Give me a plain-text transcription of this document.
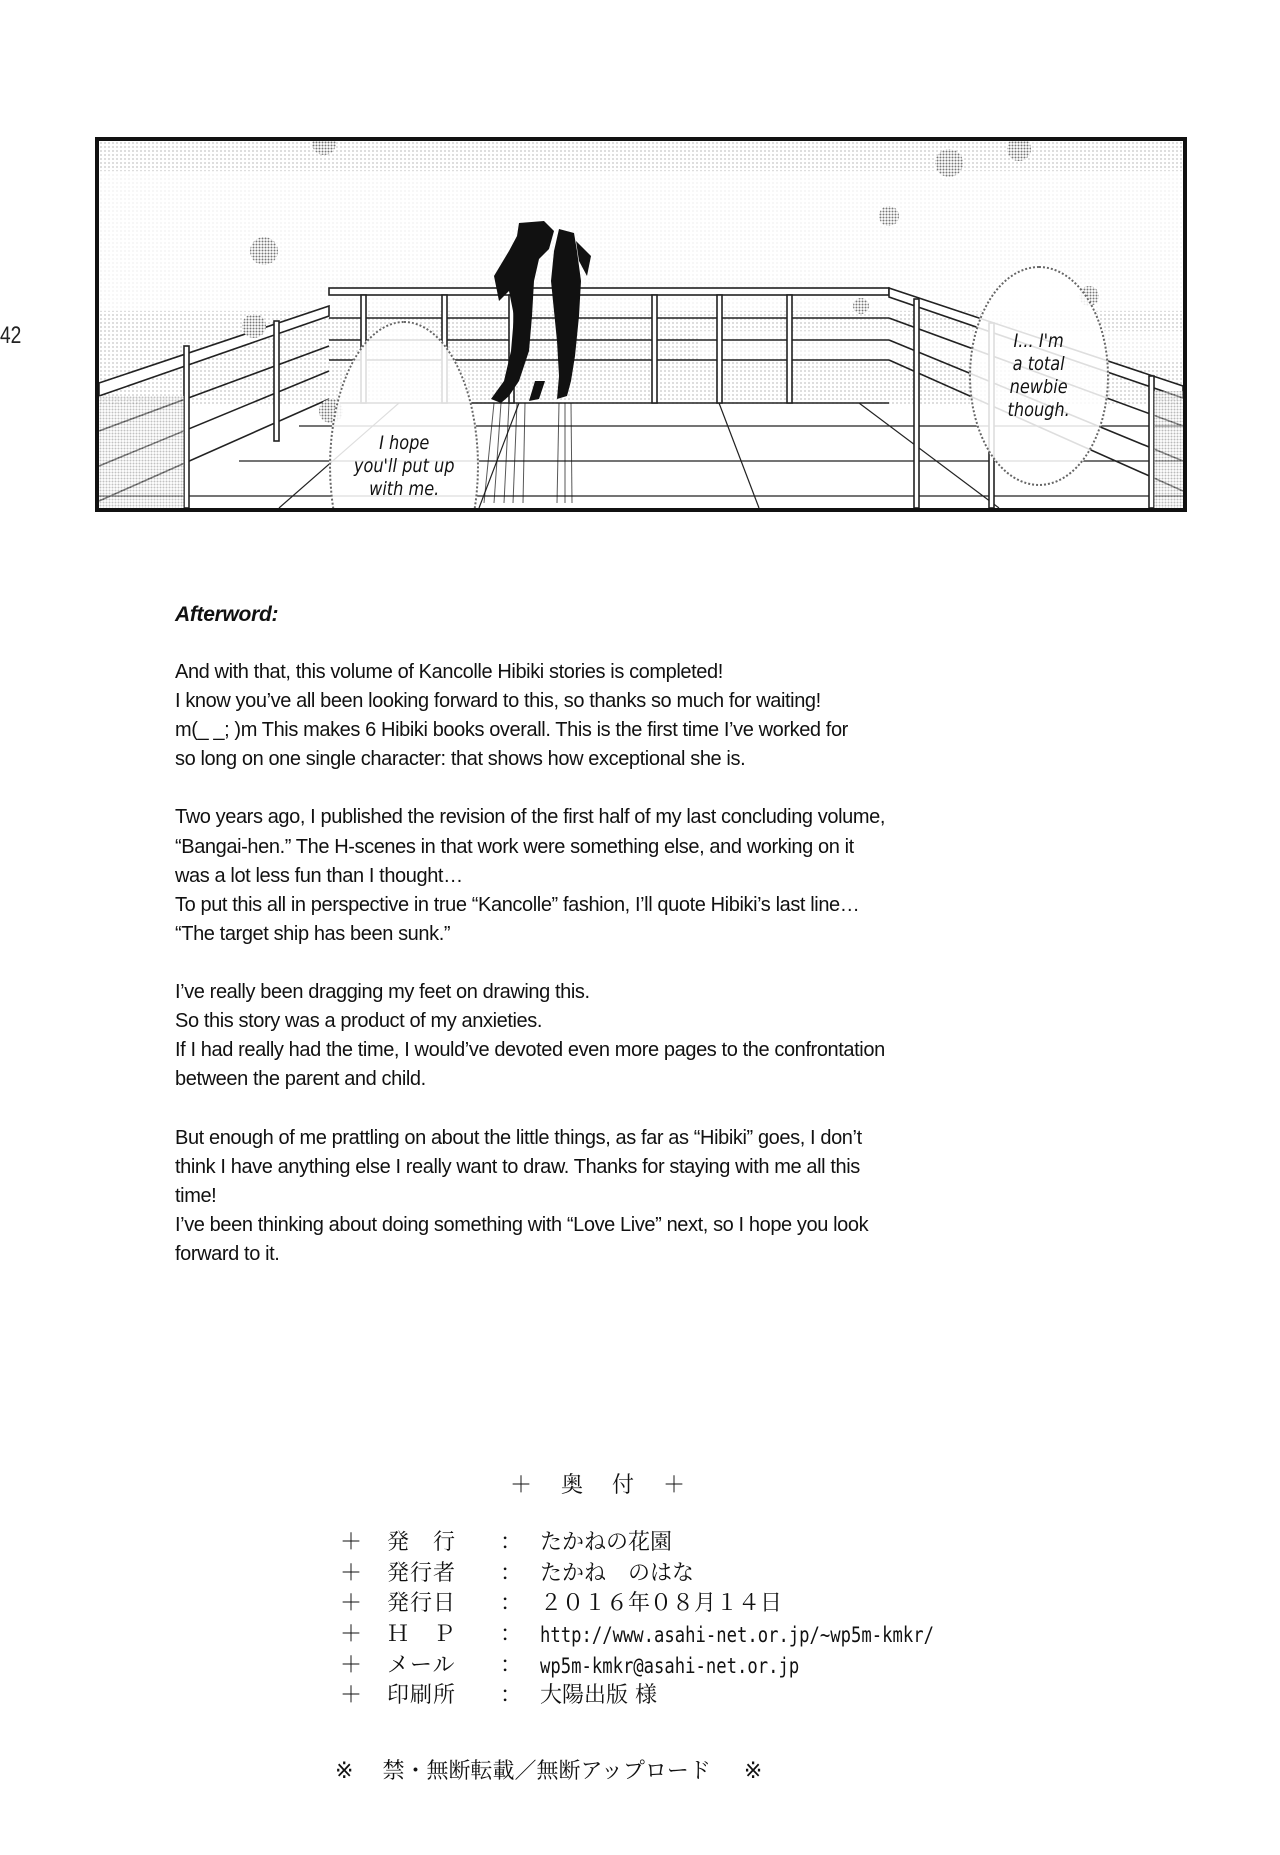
42
I hope
you'll put up
with me.
I... I'm
a total
newbie
though.
Afterword:
And with that, this volume of Kancolle Hibiki stories is completed!
I know you’ve all been looking forward to this, so thanks so much for waiting!
m(_ _; )m This makes 6 Hibiki books overall. This is the first time I’ve worked for
so long on one single character: that shows how exceptional she is.
Two years ago, I published the revision of the first half of my last concluding volume,
“Bangai-hen.” The H-scenes in that work were something else, and working on it
was a lot less fun than I thought…
To put this all in perspective in true “Kancolle” fashion, I’ll quote Hibiki’s last line…
“The target ship has been sunk.”
I’ve really been dragging my feet on drawing this.
So this story was a product of my anxieties.
If I had really had the time, I would’ve devoted even more pages to the confrontation
between the parent and child.
But enough of me prattling on about the little things, as far as “Hibiki” goes, I don’t
think I have anything else I really want to draw. Thanks for staying with me all this
time!
I’ve been thinking about doing something with “Love Live” next, so I hope you look
forward to it.
＋ 奥 付 ＋
＋ 発　行 ： たかねの花園
＋ 発行者 ： たかね　のはな
＋ 発行日 ： ２０１６年０８月１４日
＋ Ｈ　Ｐ ： http://www.asahi-net.or.jp/~wp5m-kmkr/
＋ メール ： wp5m-kmkr@asahi-net.or.jp
＋ 印刷所 ： 大陽出版 様
※ 禁・無断転載／無断アップロード ※
